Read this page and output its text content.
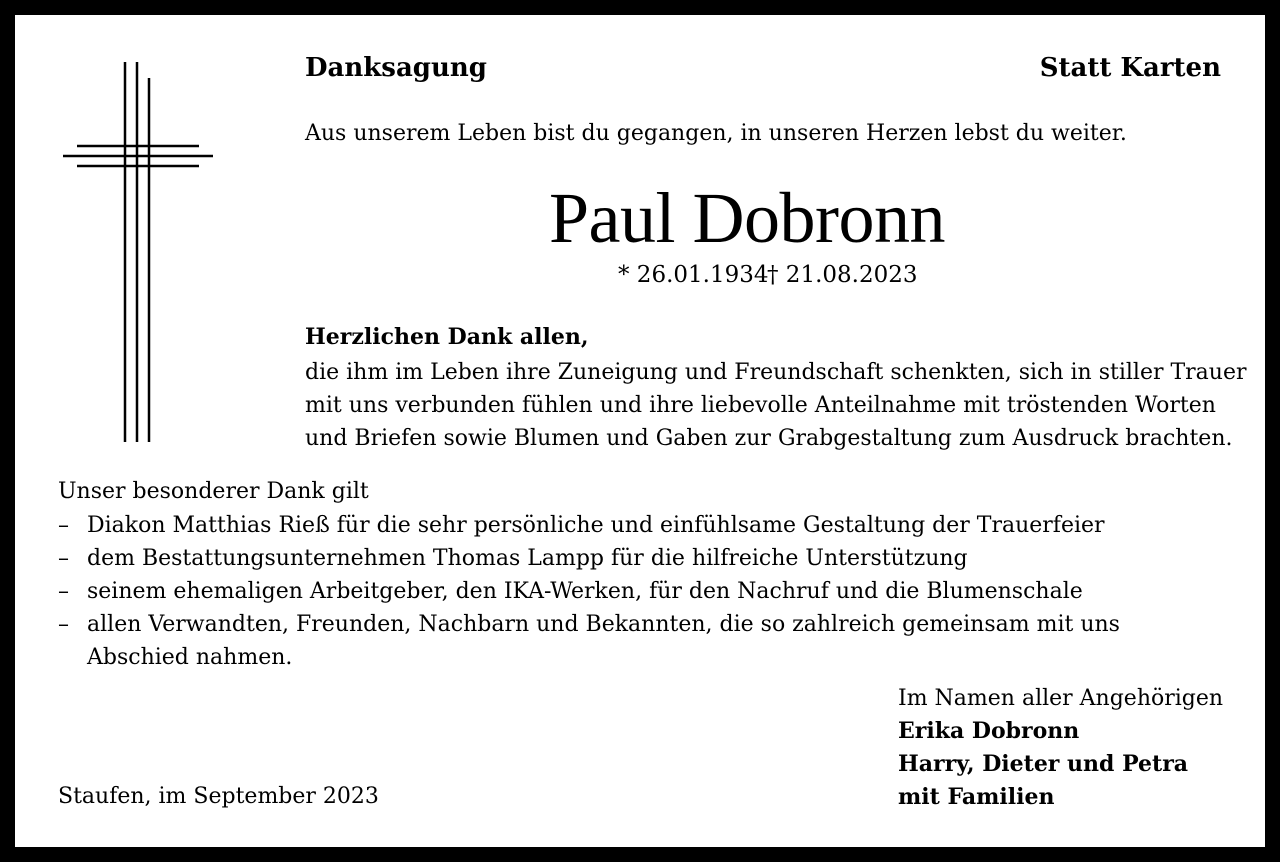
Danksagung	Statt Karten
Aus unserem Leben bist du gegangen, in unseren Herzen lebst du weiter.
Paul Dobronn
* 26.01.1934
† 21.08.2023
Herzlichen Dank allen,
die ihm im Leben ihre Zuneigung und Freundschaft schenkten, sich in stiller Trauer
mit uns verbunden fühlen und ihre liebevolle Anteilnahme mit tröstenden Worten
und Briefen sowie Blumen und Gaben zur Grabgestaltung zum Ausdruck brachten.
Unser besonderer Dank gilt
– Diakon Matthias Rieß für die sehr persönliche und einfühlsame Gestaltung der Trauerfeier
– dem Bestattungsunternehmen Thomas Lampp für die hilfreiche Unterstützung
– seinem ehemaligen Arbeitgeber, den IKA-Werken, für den Nachruf und die Blumenschale
– allen Verwandten, Freunden, Nachbarn und Bekannten, die so zahlreich gemeinsam mit uns Abschied nahmen.
Staufen, im September 2023
Im Namen aller Angehörigen
Erika Dobronn
Harry, Dieter und Petra
mit Familien
